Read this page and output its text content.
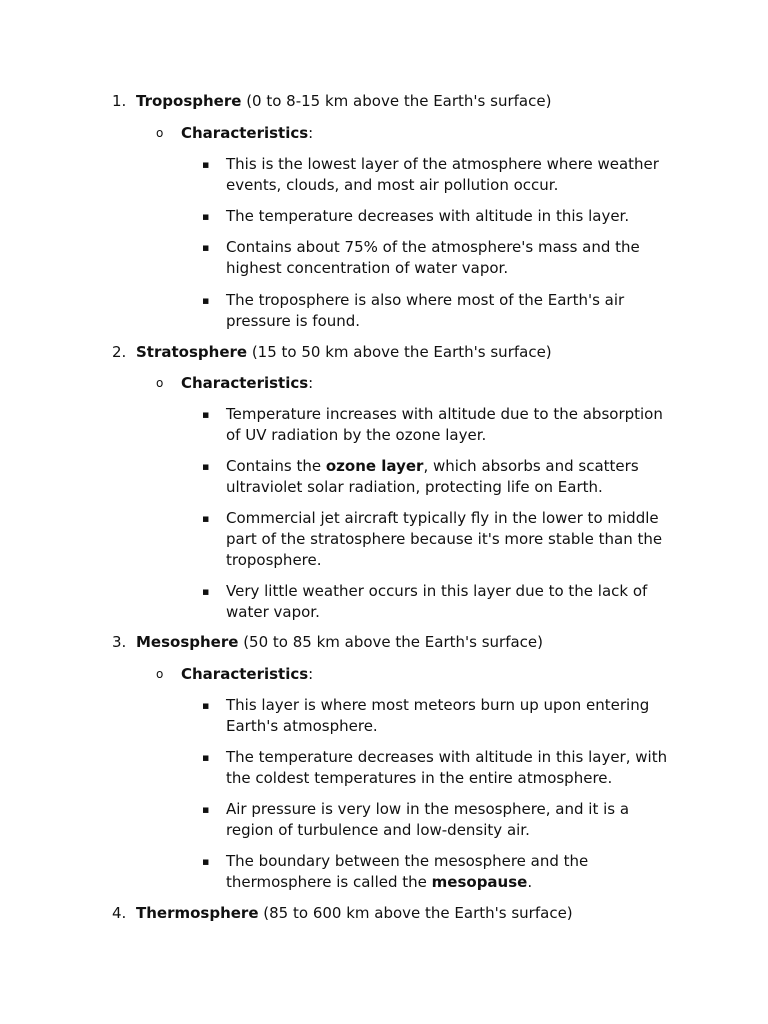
1. Troposphere (0 to 8-15 km above the Earth's surface)
o Characteristics:
▪ This is the lowest layer of the atmosphere where weather events, clouds, and most air pollution occur.
▪ The temperature decreases with altitude in this layer.
▪ Contains about 75% of the atmosphere's mass and the highest concentration of water vapor.
▪ The troposphere is also where most of the Earth's air pressure is found.
2. Stratosphere (15 to 50 km above the Earth's surface)
o Characteristics:
▪ Temperature increases with altitude due to the absorption of UV radiation by the ozone layer.
▪ Contains the ozone layer, which absorbs and scatters ultraviolet solar radiation, protecting life on Earth.
▪ Commercial jet aircraft typically fly in the lower to middle part of the stratosphere because it's more stable than the troposphere.
▪ Very little weather occurs in this layer due to the lack of water vapor.
3. Mesosphere (50 to 85 km above the Earth's surface)
o Characteristics:
▪ This layer is where most meteors burn up upon entering Earth's atmosphere.
▪ The temperature decreases with altitude in this layer, with the coldest temperatures in the entire atmosphere.
▪ Air pressure is very low in the mesosphere, and it is a region of turbulence and low-density air.
▪ The boundary between the mesosphere and the thermosphere is called the mesopause.
4. Thermosphere (85 to 600 km above the Earth's surface)
